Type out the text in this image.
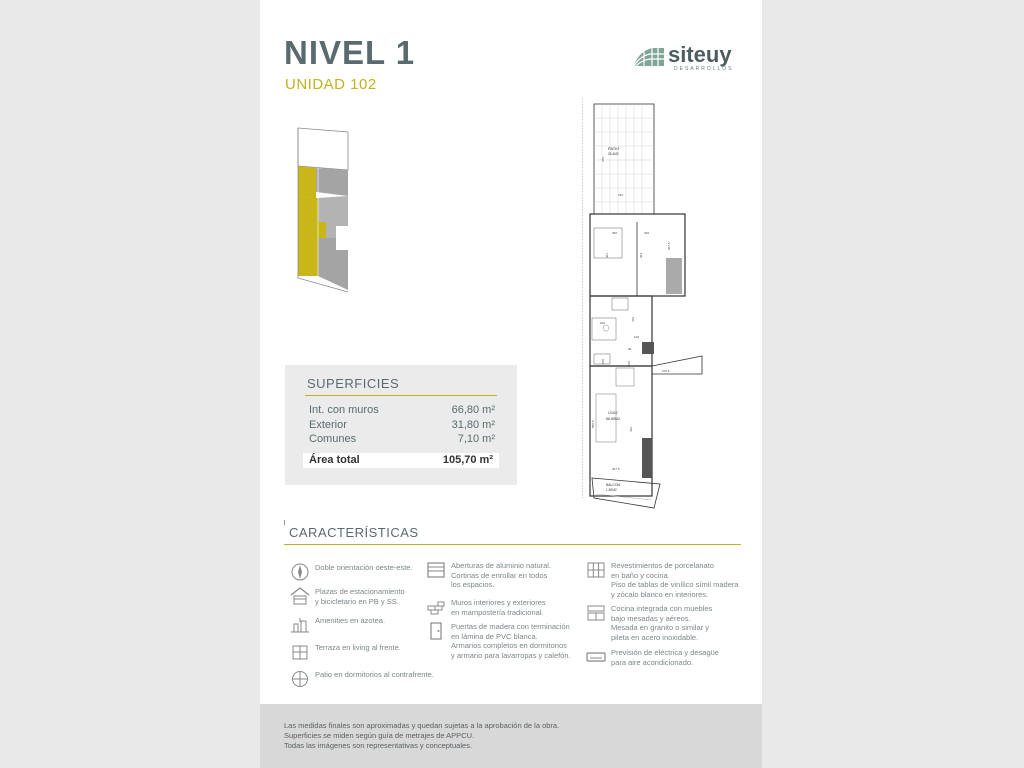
NIVEL 1
UNIDAD 102
siteuy
DESARROLLOS
SUPERFICIES
Int. con muros	66,80 m²
Exterior	31,80 m²
Comunes	7,10 m²
Área total	105,70 m²
PATIO
26.4M2
U102
66.80M2
BALCON
1.50M2
376
310
350	329
401	304
307.5
204
419
100
90
100	100
270.5
550.5
436
307.5
CARACTERÍSTICAS
Doble orientación oeste-este.
Plazas de estacionamiento
y bicicletario en PB y SS.
Amenities en azotea.
Terraza en living al frente.
Patio en dormitorios al contrafrente.
Aberturas de aluminio natural.
Cortinas de enrollar en todos
los espacios.
Muros interiores y exteriores
en mampostería tradicional.
Puertas de madera con terminación
en lámina de PVC blanca.
Armarios completos en dormitorios
y armario para lavarropas y calefón.
Revestimientos de porcelanato
en baño y cocina.
Piso de tablas de vinílico símil madera
y zócalo blanco en interiores.
Cocina integrada con muebles
bajo mesadas y aéreos.
Mesada en granito o similar y
pileta en acero inoxidable.
Previsión de eléctrica y desagüe
para aire acondicionado.

Las medidas finales son aproximadas y quedan sujetas a la aprobación de la obra.

Superficies se miden según guía de metrajes de APPCU.

Todas las imágenes son representativas y conceptuales.
